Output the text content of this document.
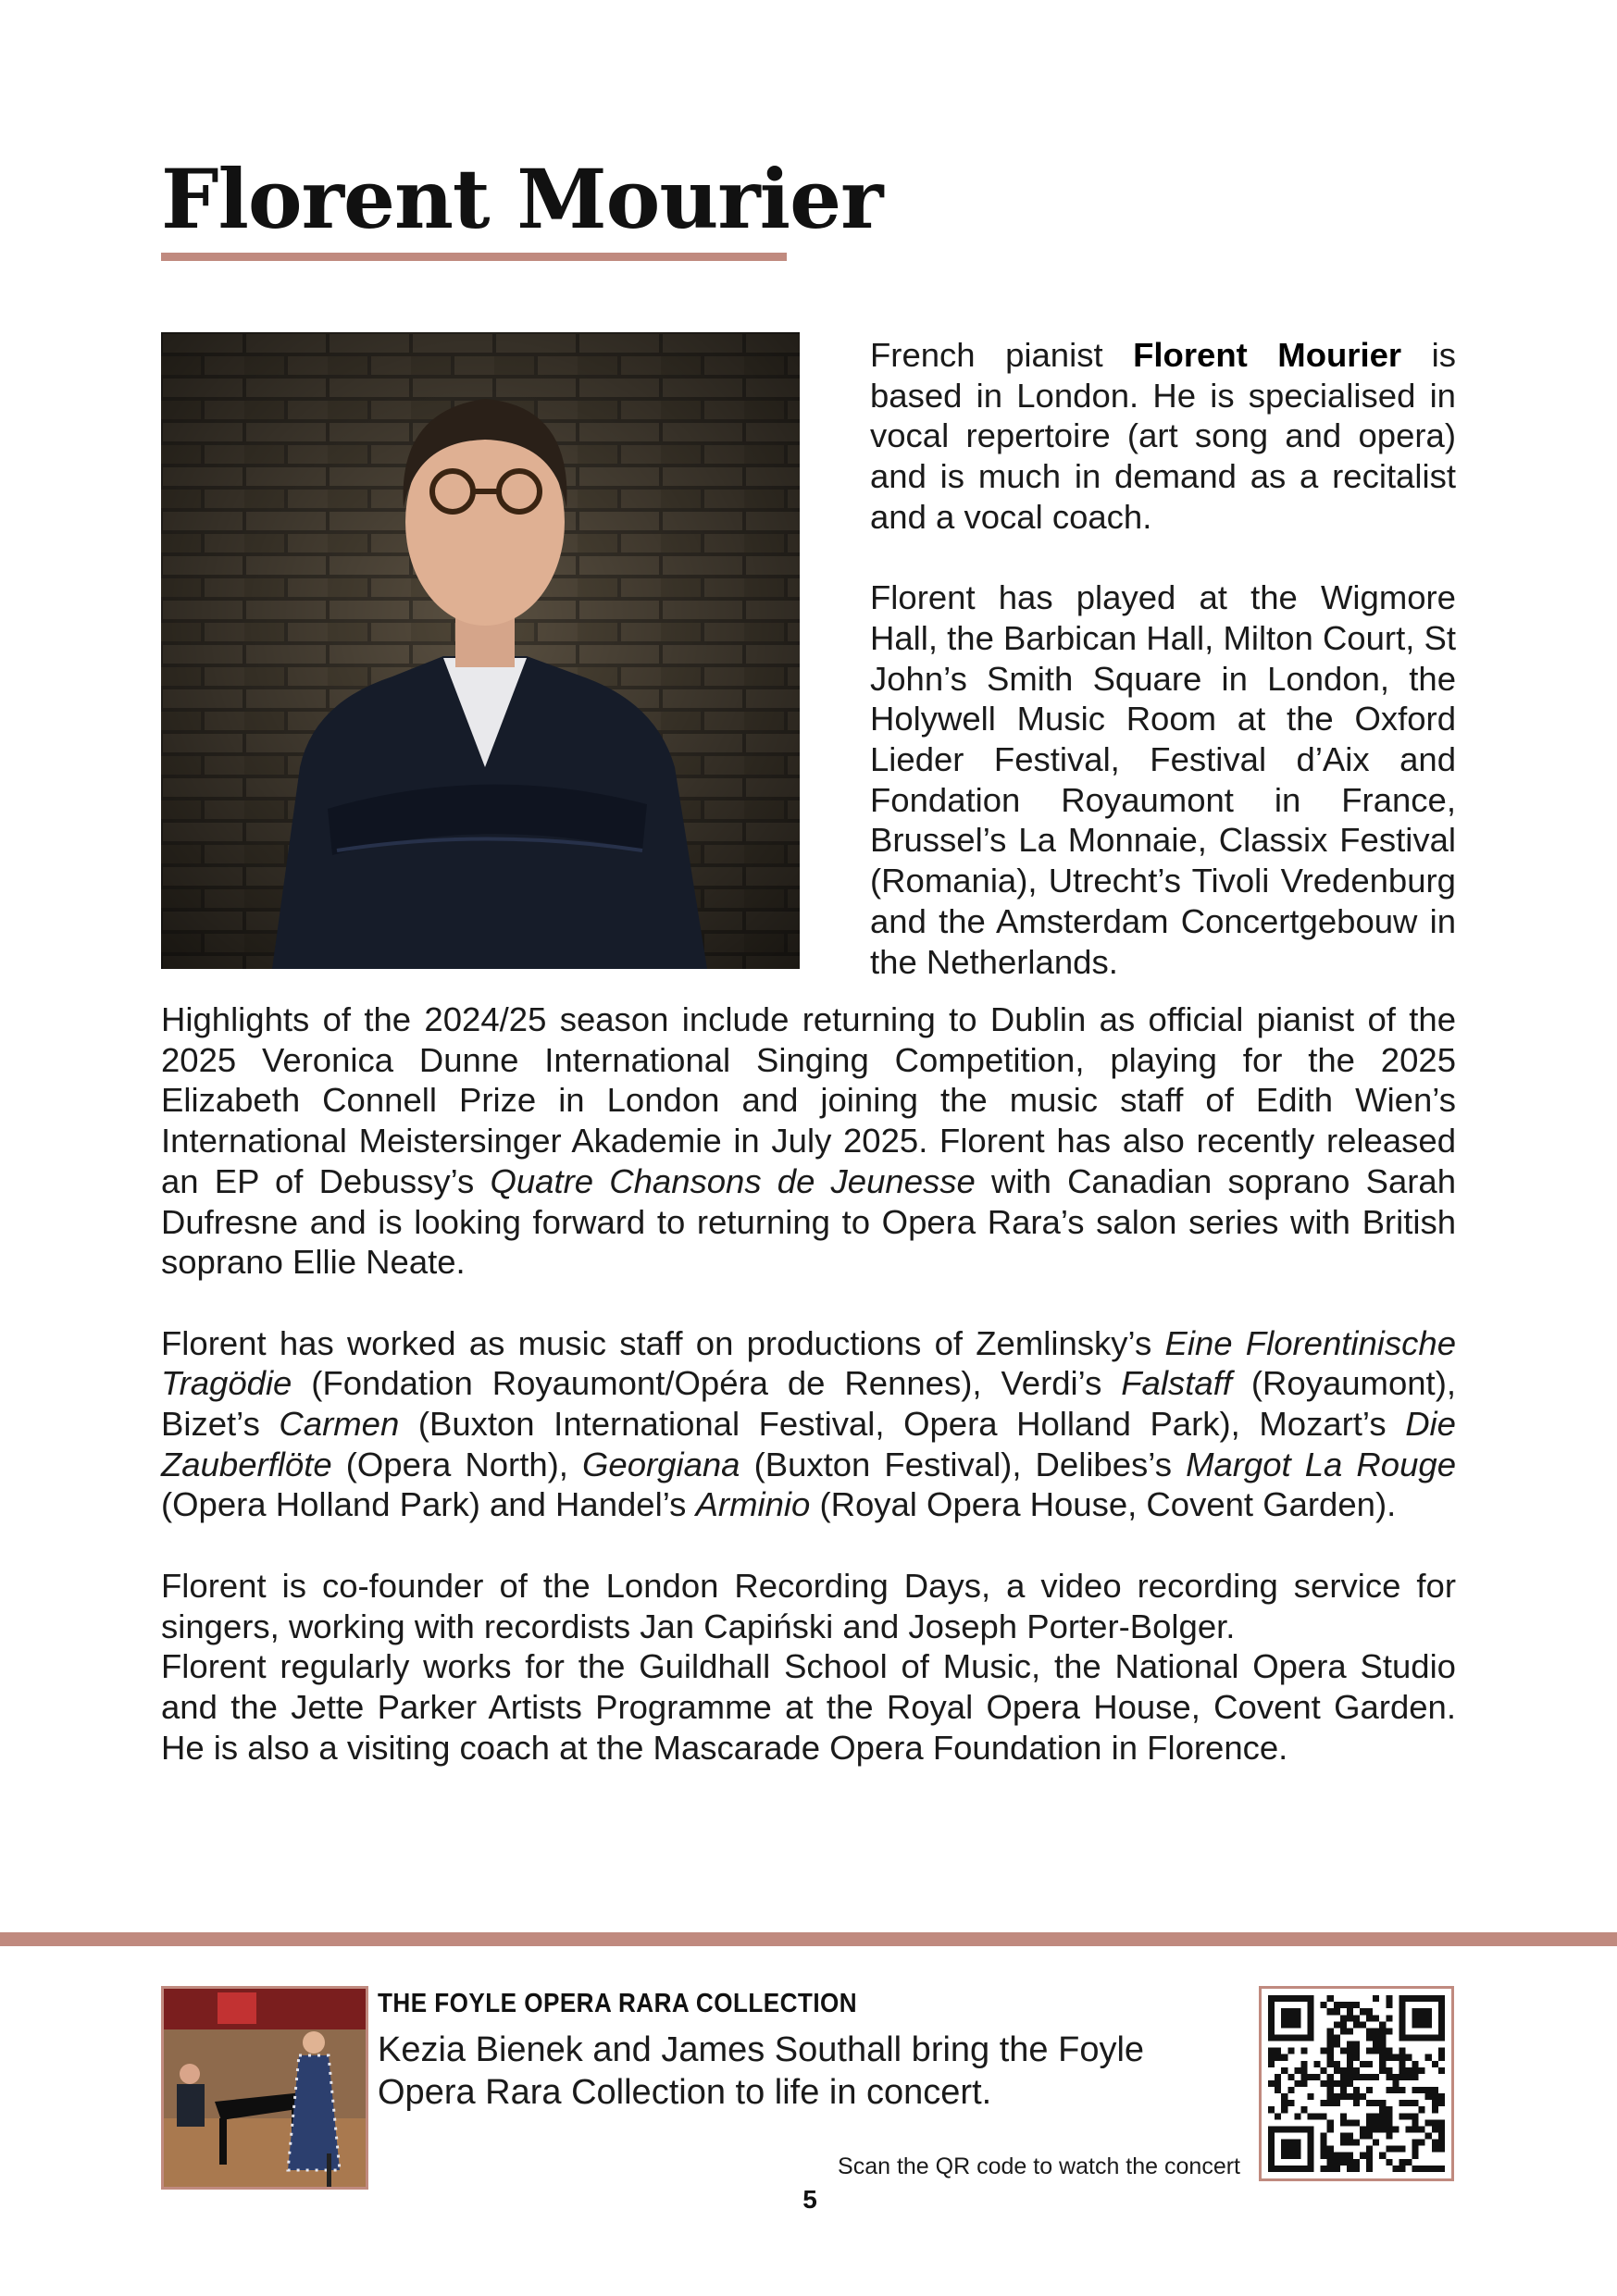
Florent Mourier

French pianist Florent Mourier is based in London. He is specialised in vocal repertoire (art song and opera) and is much in demand as a recitalist and a vocal coach.

Florent has played at the Wigmore Hall, the Barbican Hall, Milton Court, St John’s Smith Square in London, the Holywell Music Room at the Oxford Lieder Festival, Festival d’Aix and Fondation Royaumont in France, Brussel’s La Monnaie, Classix Festival (Romania), Utrecht’s Tivoli Vredenburg and the Amsterdam Concertgebouw in the Netherlands.

Highlights of the 2024/25 season include returning to Dublin as official pianist of the 2025 Veronica Dunne International Singing Competition, playing for the 2025 Elizabeth Connell Prize in London and joining the music staff of Edith Wien’s International Meistersinger Akademie in July 2025. Florent has also recently released an EP of Debussy’s Quatre Chansons de Jeunesse with Canadian soprano Sarah Dufresne and is looking forward to returning to Opera Rara’s salon series with British soprano Ellie Neate.

Florent has worked as music staff on productions of Zemlinsky’s Eine Florentinische Tragödie (Fondation Royaumont/Opéra de Rennes), Verdi’s Falstaff (Royaumont), Bizet’s Carmen (Buxton International Festival, Opera Holland Park), Mozart’s Die Zauberflöte (Opera North), Georgiana (Buxton Festival), Delibes’s Margot La Rouge (Opera Holland Park) and Handel’s Arminio (Royal Opera House, Covent Garden).

Florent is co-founder of the London Recording Days, a video recording service for singers, working with recordists Jan Capiński and Joseph Porter-Bolger.

Florent regularly works for the Guildhall School of Music, the National Opera Studio and the Jette Parker Artists Programme at the Royal Opera House, Covent Garden. He is also a visiting coach at the Mascarade Opera Foundation in Florence.

THE FOYLE OPERA RARA COLLECTION

Kezia Bienek and James Southall bring the Foyle Opera Rara Collection to life in concert.

Scan the QR code to watch the concert

5
